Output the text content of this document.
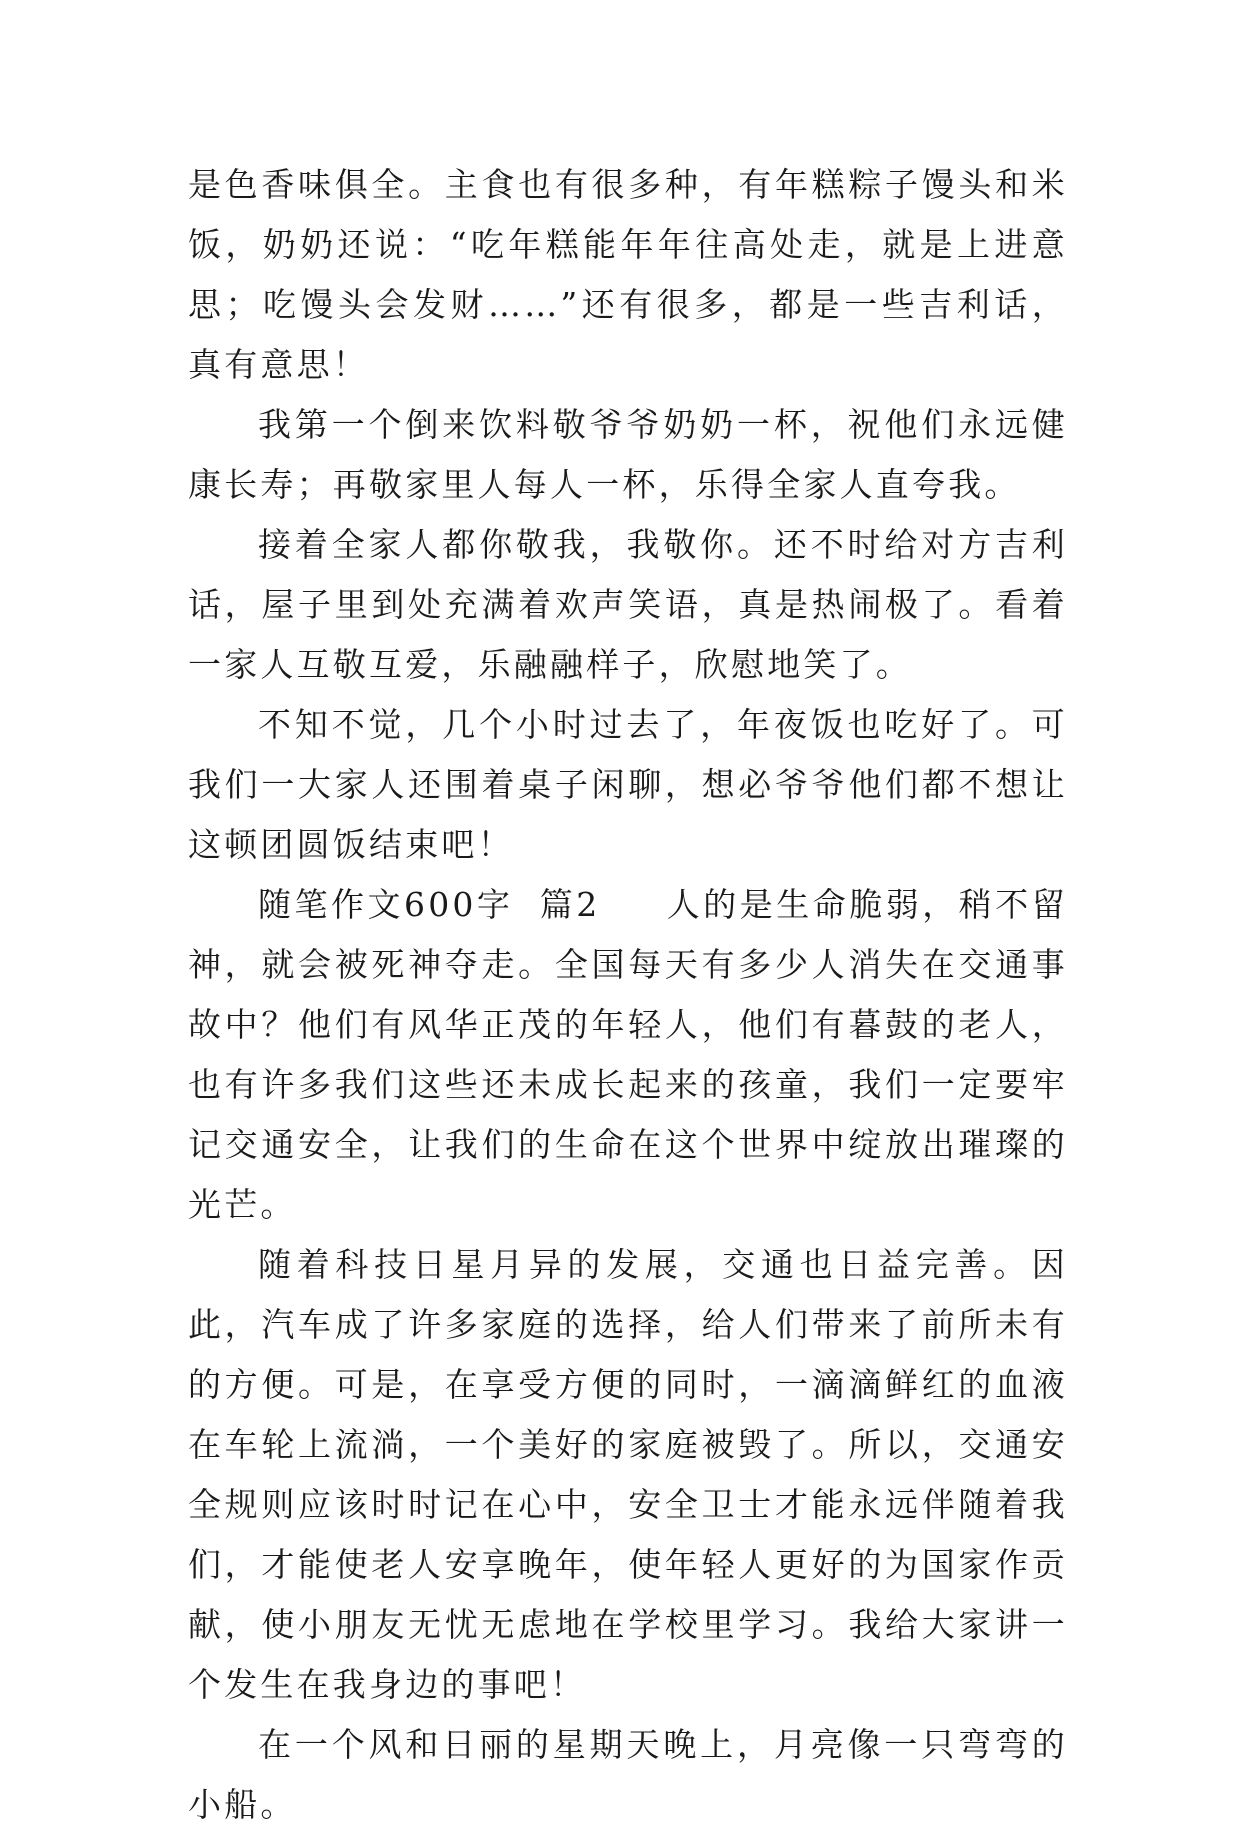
是色香味俱全。主食也有很多种，有年糕粽子馒头和米饭，奶奶还说：“吃年糕能年年往高处走，就是上进意思；吃馒头会发财……”还有很多，都是一些吉利话，真有意思！

我第一个倒来饮料敬爷爷奶奶一杯，祝他们永远健康长寿；再敬家里人每人一杯，乐得全家人直夸我。

接着全家人都你敬我，我敬你。还不时给对方吉利话，屋子里到处充满着欢声笑语，真是热闹极了。看着一家人互敬互爱，乐融融样子，欣慰地笑了。

不知不觉，几个小时过去了，年夜饭也吃好了。可我们一大家人还围着桌子闲聊，想必爷爷他们都不想让这顿团圆饭结束吧！

随笔作文600字 篇2 人的是生命脆弱，稍不留神，就会被死神夺走。全国每天有多少人消失在交通事故中？他们有风华正茂的年轻人，他们有暮鼓的老人，也有许多我们这些还未成长起来的孩童，我们一定要牢记交通安全，让我们的生命在这个世界中绽放出璀璨的光芒。

随着科技日星月异的发展，交通也日益完善。因此，汽车成了许多家庭的选择，给人们带来了前所未有的方便。可是，在享受方便的同时，一滴滴鲜红的血液在车轮上流淌，一个美好的家庭被毁了。所以，交通安全规则应该时时记在心中，安全卫士才能永远伴随着我们，才能使老人安享晚年，使年轻人更好的为国家作贡献，使小朋友无忧无虑地在学校里学习。我给大家讲一个发生在我身边的事吧！

在一个风和日丽的星期天晚上，月亮像一只弯弯的小船。
